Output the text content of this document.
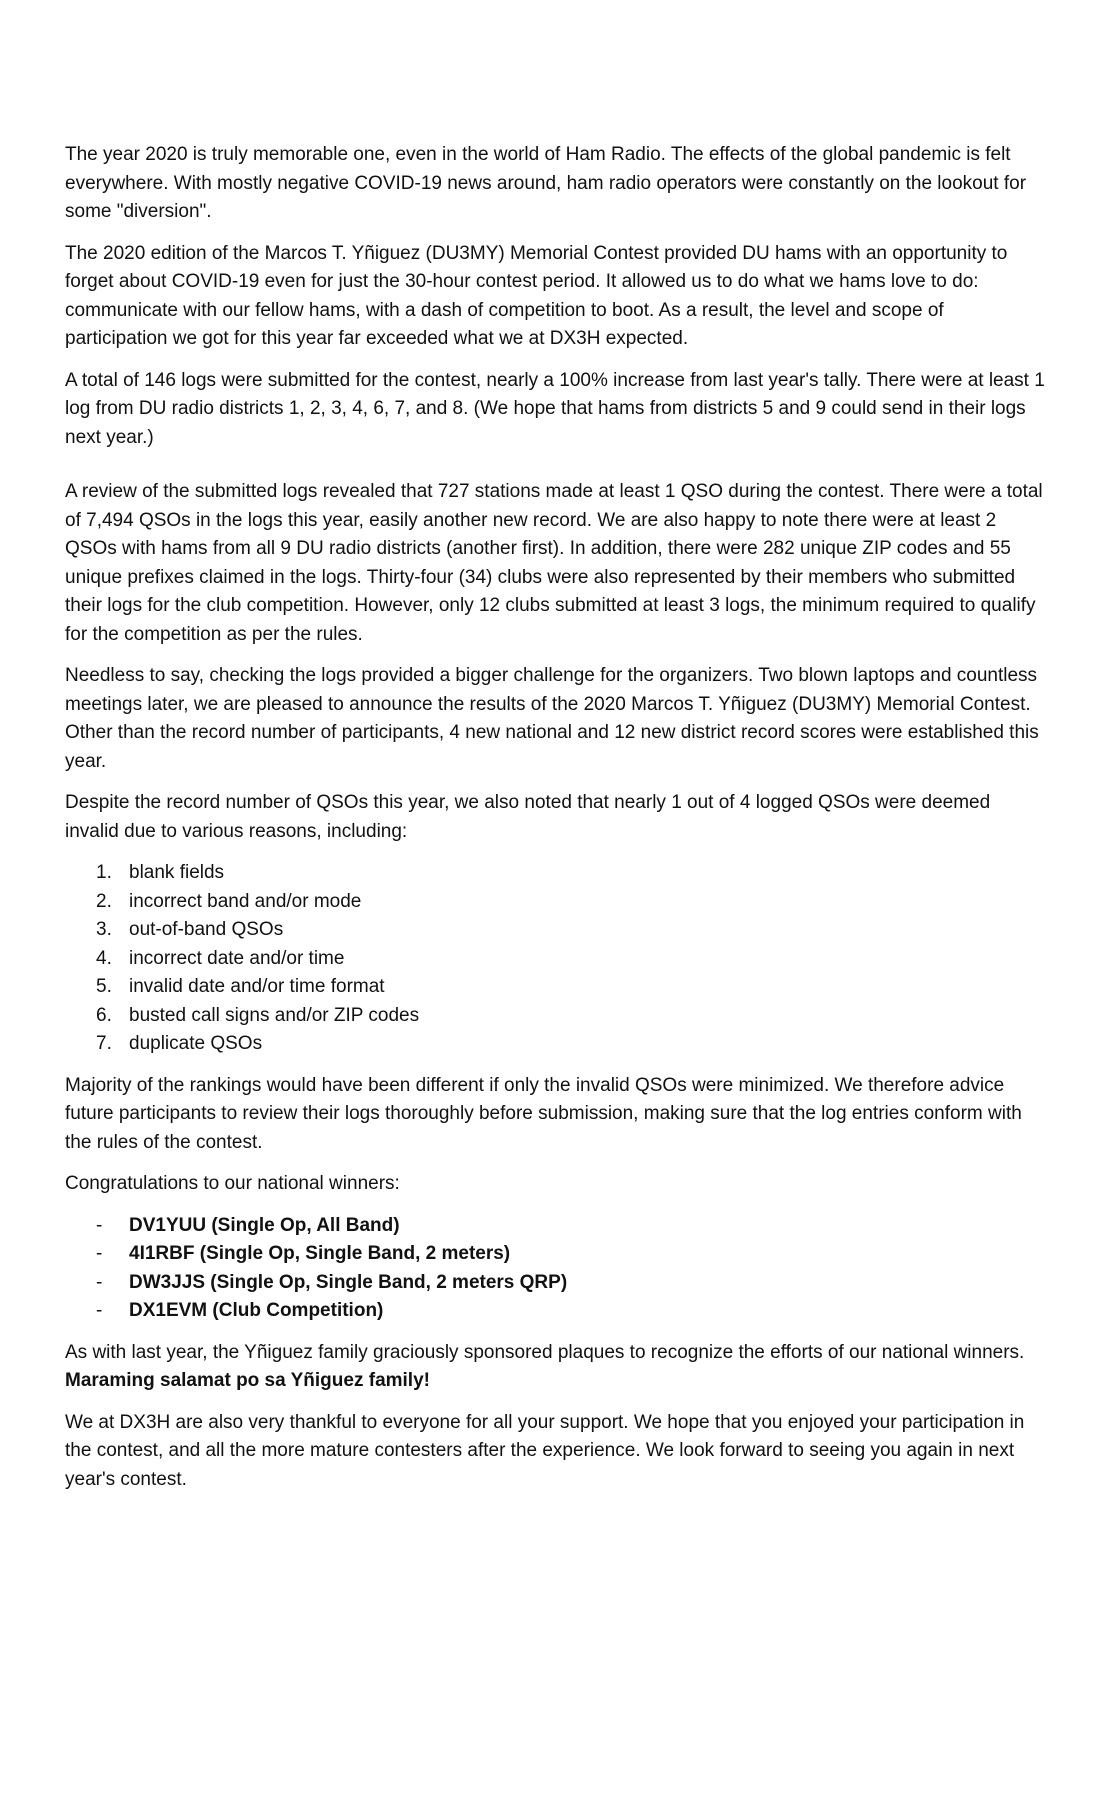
The year 2020 is truly memorable one, even in the world of Ham Radio. The effects of the global pandemic is felt everywhere. With mostly negative COVID-19 news around, ham radio operators were constantly on the lookout for some "diversion".

The 2020 edition of the Marcos T. Yñiguez (DU3MY) Memorial Contest provided DU hams with an opportunity to forget about COVID-19 even for just the 30-hour contest period. It allowed us to do what we hams love to do: communicate with our fellow hams, with a dash of competition to boot. As a result, the level and scope of participation we got for this year far exceeded what we at DX3H expected.

A total of 146 logs were submitted for the contest, nearly a 100% increase from last year's tally. There were at least 1 log from DU radio districts 1, 2, 3, 4, 6, 7, and 8. (We hope that hams from districts 5 and 9 could send in their logs next year.)

A review of the submitted logs revealed that 727 stations made at least 1 QSO during the contest. There were a total of 7,494 QSOs in the logs this year, easily another new record. We are also happy to note there were at least 2 QSOs with hams from all 9 DU radio districts (another first). In addition, there were 282 unique ZIP codes and 55 unique prefixes claimed in the logs. Thirty-four (34) clubs were also represented by their members who submitted their logs for the club competition. However, only 12 clubs submitted at least 3 logs, the minimum required to qualify for the competition as per the rules.

Needless to say, checking the logs provided a bigger challenge for the organizers. Two blown laptops and countless meetings later, we are pleased to announce the results of the 2020 Marcos T. Yñiguez (DU3MY) Memorial Contest. Other than the record number of participants, 4 new national and 12 new district record scores were established this year.

Despite the record number of QSOs this year, we also noted that nearly 1 out of 4 logged QSOs were deemed invalid due to various reasons, including:

1. blank fields
2. incorrect band and/or mode
3. out-of-band QSOs
4. incorrect date and/or time
5. invalid date and/or time format
6. busted call signs and/or ZIP codes
7. duplicate QSOs

Majority of the rankings would have been different if only the invalid QSOs were minimized. We therefore advice future participants to review their logs thoroughly before submission, making sure that the log entries conform with the rules of the contest.

Congratulations to our national winners:

- DV1YUU (Single Op, All Band)
- 4I1RBF (Single Op, Single Band, 2 meters)
- DW3JJS (Single Op, Single Band, 2 meters QRP)
- DX1EVM (Club Competition)

As with last year, the Yñiguez family graciously sponsored plaques to recognize the efforts of our national winners. Maraming salamat po sa Yñiguez family!

We at DX3H are also very thankful to everyone for all your support. We hope that you enjoyed your participation in the contest, and all the more mature contesters after the experience. We look forward to seeing you again in next year's contest.
